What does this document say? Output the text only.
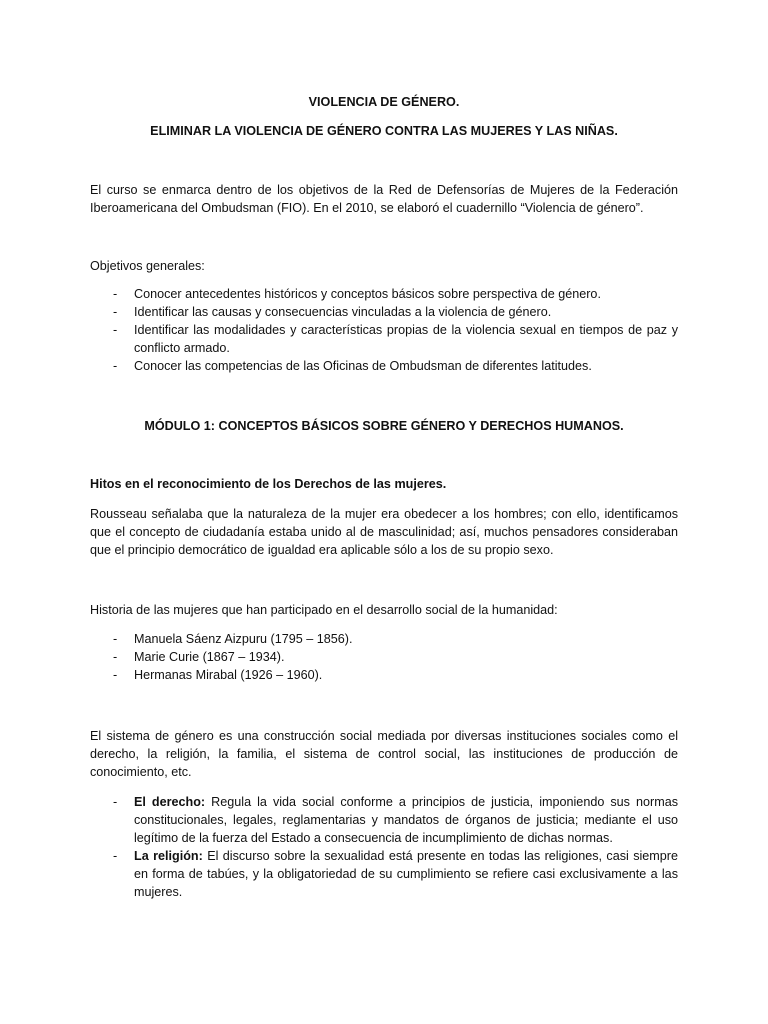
VIOLENCIA DE GÉNERO.
ELIMINAR LA VIOLENCIA DE GÉNERO CONTRA LAS MUJERES Y LAS NIÑAS.

El curso se enmarca dentro de los objetivos de la Red de Defensorías de Mujeres de la Federación Iberoamericana del Ombudsman (FIO). En el 2010, se elaboró el cuadernillo “Violencia de género”.

Objetivos generales:

- Conocer antecedentes históricos y conceptos básicos sobre perspectiva de género.
- Identificar las causas y consecuencias vinculadas a la violencia de género.
- Identificar las modalidades y características propias de la violencia sexual en tiempos de paz y conflicto armado.
- Conocer las competencias de las Oficinas de Ombudsman de diferentes latitudes.
MÓDULO 1: CONCEPTOS BÁSICOS SOBRE GÉNERO Y DERECHOS HUMANOS.

Hitos en el reconocimiento de los Derechos de las mujeres.

Rousseau señalaba que la naturaleza de la mujer era obedecer a los hombres; con ello, identificamos que el concepto de ciudadanía estaba unido al de masculinidad; así, muchos pensadores consideraban que el principio democrático de igualdad era aplicable sólo a los de su propio sexo.

Historia de las mujeres que han participado en el desarrollo social de la humanidad:

- Manuela Sáenz Aizpuru (1795 – 1856).
- Marie Curie (1867 – 1934).
- Hermanas Mirabal (1926 – 1960).

El sistema de género es una construcción social mediada por diversas instituciones sociales como el derecho, la religión, la familia, el sistema de control social, las instituciones de producción de conocimiento, etc.

- El derecho: Regula la vida social conforme a principios de justicia, imponiendo sus normas constitucionales, legales, reglamentarias y mandatos de órganos de justicia; mediante el uso legítimo de la fuerza del Estado a consecuencia de incumplimiento de dichas normas.
- La religión: El discurso sobre la sexualidad está presente en todas las religiones, casi siempre en forma de tabúes, y la obligatoriedad de su cumplimiento se refiere casi exclusivamente a las mujeres.
